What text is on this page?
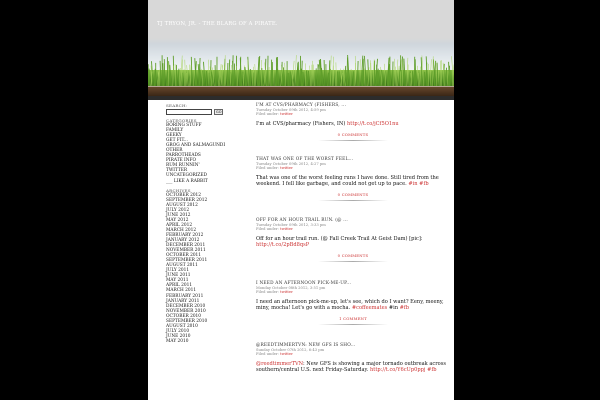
TJ TRYON, JR. - THE BLARG OF A PIRATE.
SEARCH:
GO
CATEGORIES
BORING STUFF
FAMILY
GEEKY
GET FIT...
GROG AND SALMAGUNDI
OTHER
PARROTHEADS
PIRATE INFO
RUM RUNNIN'
TWITTER
UNCATEGORIZED
___ LIKE A RABBIT
ARCHIVES
OCTOBER 2012
SEPTEMBER 2012
AUGUST 2012
JULY 2012
JUNE 2012
MAY 2012
APRIL 2012
MARCH 2012
FEBRUARY 2012
JANUARY 2012
DECEMBER 2011
NOVEMBER 2011
OCTOBER 2011
SEPTEMBER 2011
AUGUST 2011
JULY 2011
JUNE 2011
MAY 2011
APRIL 2011
MARCH 2011
FEBRUARY 2011
JANUARY 2011
DECEMBER 2010
NOVEMBER 2010
OCTOBER 2010
SEPTEMBER 2010
AUGUST 2010
JULY 2010
JUNE 2010
MAY 2010
I'M AT CVS/PHARMACY (FISHERS, ...
Tuesday October 09th 2012, 4:59 pm
Filed under: twitter
I'm at CVS/pharmacy (Fishers, IN) http://t.co/jCf5O1nu
0 COMMENTS
THAT WAS ONE OF THE WORST FEEL...
Tuesday October 09th 2012, 4:27 pm
Filed under: twitter
That was one of the worst feeling runs I have done. Still tired from the weekend. I fell like garbage, and could not get up to pace. #in #fb
0 COMMENTS
OFF FOR AN HOUR TRAIL RUN. (@ ...
Tuesday October 09th 2012, 3:33 pm
Filed under: twitter
Off for an hour trail run. (@ Fall Creek Trail At Geist Dam) [pic]: http://t.co/2pBd8qsP
0 COMMENTS
I NEED AN AFTERNOON PICK-ME-UP...
Monday October 08th 2012, 3:51 pm
Filed under: twitter
I need an afternoon pick-me-up, let's see, which do I want? Eeny, meeny, miny, mocha! Let's go with a mocha. #coffeemates #in #fb
1 COMMENT
@REEDTIMMERTVN: NEW GFS IS SHO...
Sunday October 07th 2012, 6:43 pm
Filed under: twitter
@reedtimmerTVN: New GFS is showing a major tornado outbreak across southern/central U.S. next Friday-Saturday. http://t.co/Y6cUp0ppj #fb
